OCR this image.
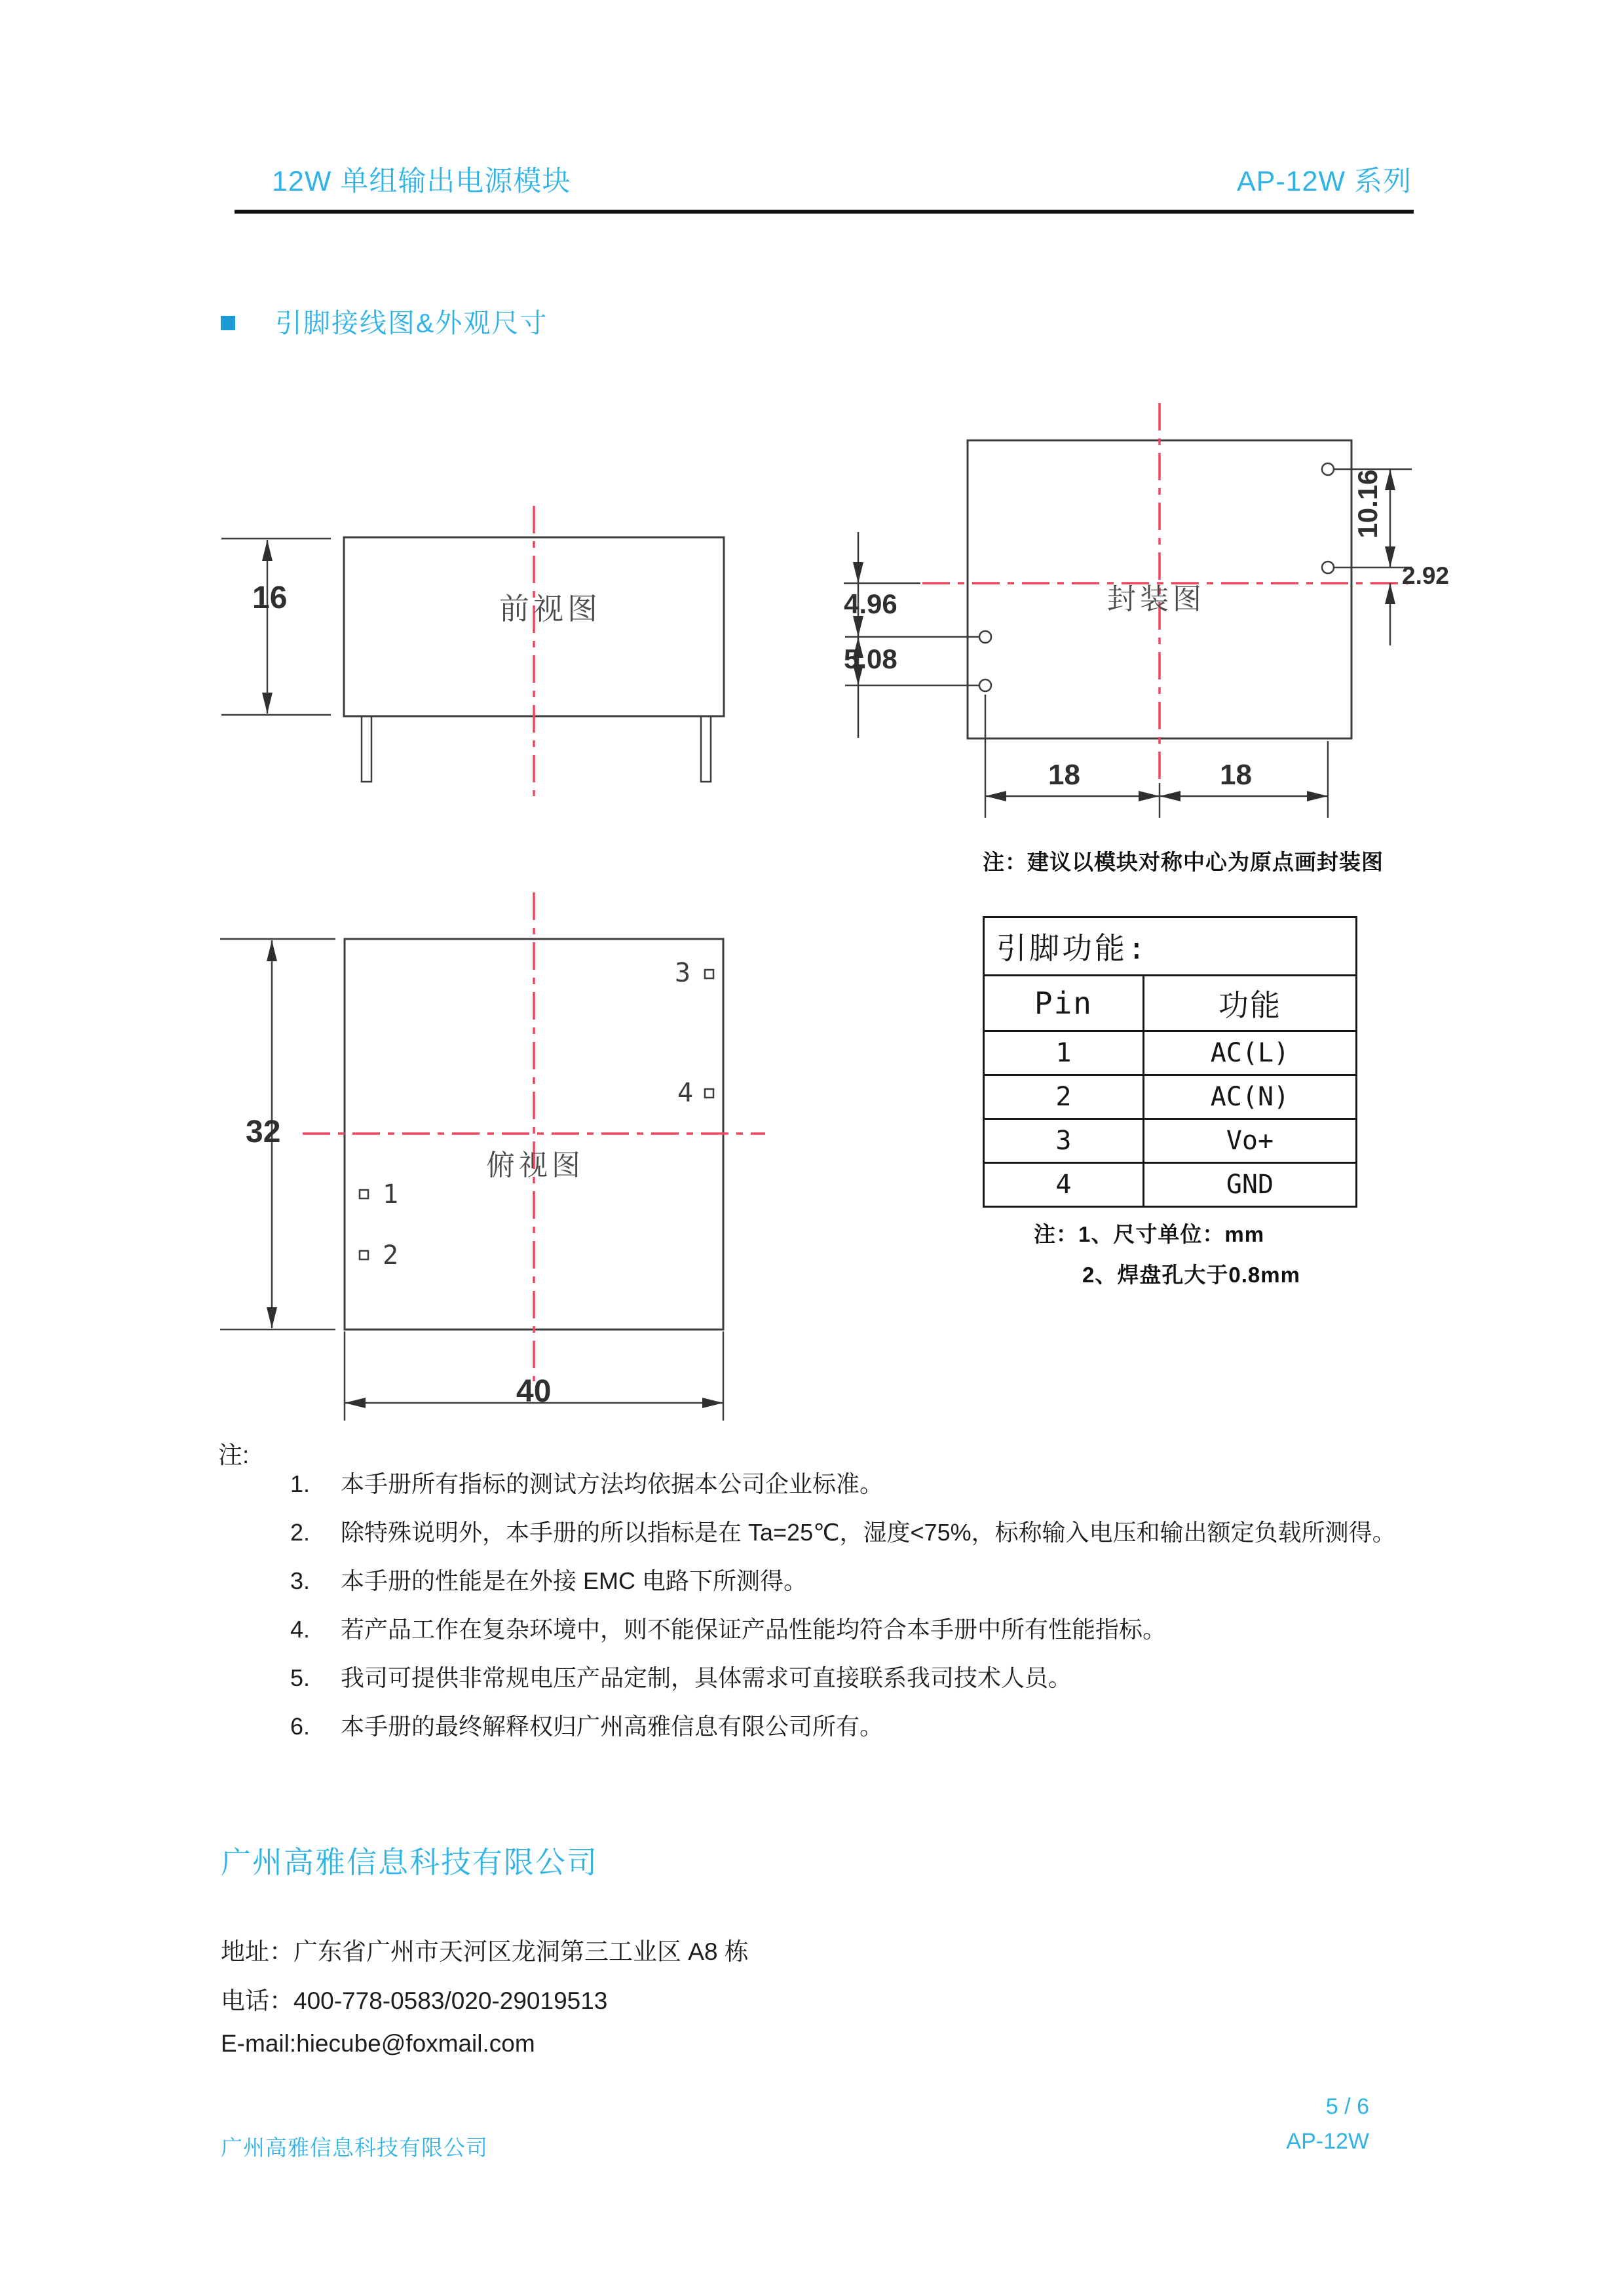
12W 单组输出电源模块	AP-12W 系列
引脚接线图&外观尺寸
前视图
16	封装图
10.16
2.92
4.96
5.08
18	18
注：建议以模块对称中心为原点画封装图
俯视图
32
40
3
4
1
2
引脚功能:	
Pin	功能
1	AC(L)
2	AC(N)
3	Vo+
4	GND
注：1、尺寸单位：mm
2、焊盘孔大于0.8mm
注:
1.	本手册所有指标的测试方法均依据本公司企业标准。
2.	除特殊说明外，本手册的所以指标是在 Ta=25℃，湿度<75%，标称输入电压和输出额定负载所测得。
3.	本手册的性能是在外接 EMC 电路下所测得。
4.	若产品工作在复杂环境中，则不能保证产品性能均符合本手册中所有性能指标。
5.	我司可提供非常规电压产品定制，具体需求可直接联系我司技术人员。
6.	本手册的最终解释权归广州高雅信息有限公司所有。
广州高雅信息科技有限公司
地址：广东省广州市天河区龙洞第三工业区 A8 栋
电话：400-778-0583/020-29019513
E-mail:hiecube@foxmail.com
广州高雅信息科技有限公司
5 / 6
AP-12W
